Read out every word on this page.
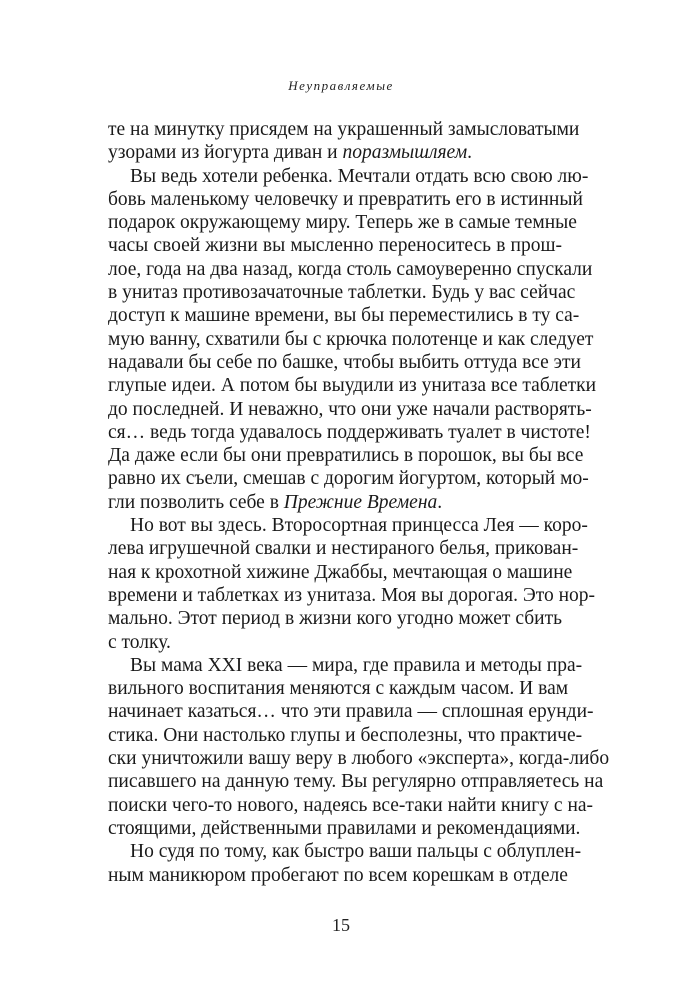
Неуправляемые
те на минутку присядем на украшенный замысловатыми
узорами из йогурта диван и поразмышляем.
Вы ведь хотели ребенка. Мечтали отдать всю свою лю-
бовь маленькому человечку и превратить его в истинный
подарок окружающему миру. Теперь же в самые темные
часы своей жизни вы мысленно переноситесь в прош-
лое, года на два назад, когда столь самоуверенно спускали
в унитаз противозачаточные таблетки. Будь у вас сейчас
доступ к машине времени, вы бы переместились в ту са-
мую ванну, схватили бы с крючка полотенце и как следует
надавали бы себе по башке, чтобы выбить оттуда все эти
глупые идеи. А потом бы выудили из унитаза все таблетки
до последней. И неважно, что они уже начали растворять-
ся… ведь тогда удавалось поддерживать туалет в чистоте!
Да даже если бы они превратились в порошок, вы бы все
равно их съели, смешав с дорогим йогуртом, который мо-
гли позволить себе в Прежние Времена.
Но вот вы здесь. Второсортная принцесса Лея — коро-
лева игрушечной свалки и нестираного белья, прикован-
ная к крохотной хижине Джаббы, мечтающая о машине
времени и таблетках из унитаза. Моя вы дорогая. Это нор-
мально. Этот период в жизни кого угодно может сбить
с толку.
Вы мама XXI века — мира, где правила и методы пра-
вильного воспитания меняются с каждым часом. И вам
начинает казаться… что эти правила — сплошная ерунди-
стика. Они настолько глупы и бесполезны, что практиче-
ски уничтожили вашу веру в любого «эксперта», когда-либо
писавшего на данную тему. Вы регулярно отправляетесь на
поиски чего-то нового, надеясь все-таки найти книгу с на-
стоящими, действенными правилами и рекомендациями.
Но судя по тому, как быстро ваши пальцы с облуплен-
ным маникюром пробегают по всем корешкам в отделе
15
